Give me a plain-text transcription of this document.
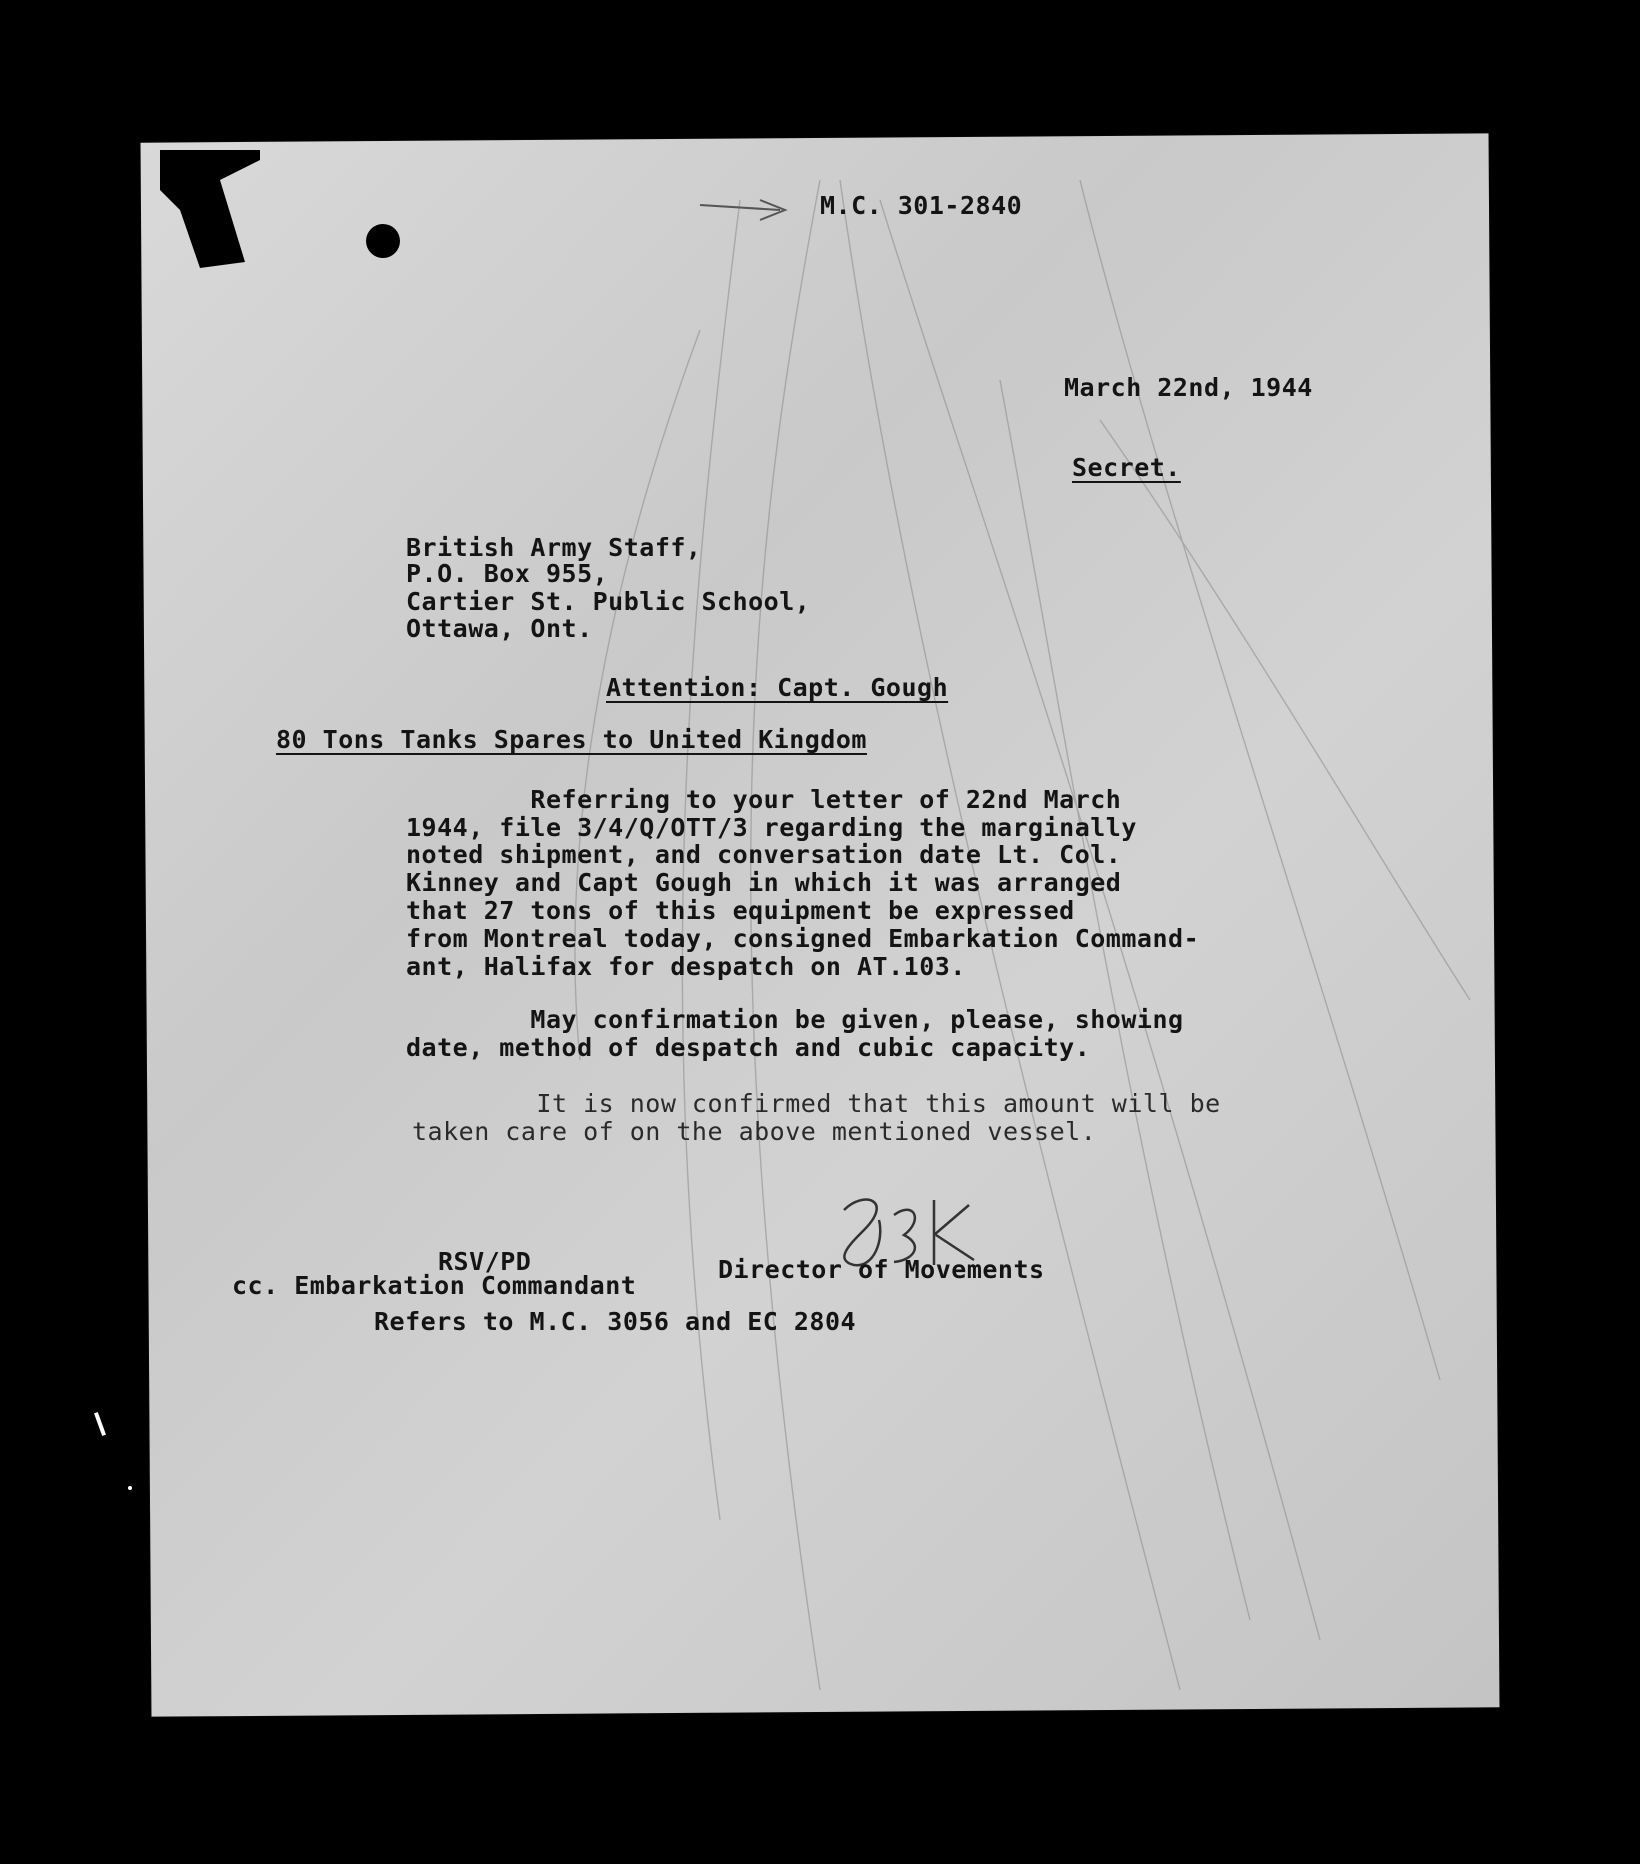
M.C. 301-2840
March 22nd, 1944
Secret.
British Army Staff,
P.O. Box 955,
Cartier St. Public School,
Ottawa, Ont.
Attention: Capt. Gough
80 Tons Tanks Spares to United Kingdom
Referring to your letter of 22nd March
1944, file 3/4/Q/OTT/3 regarding the marginally
noted shipment, and conversation date Lt. Col.
Kinney and Capt Gough in which it was arranged
that 27 tons of this equipment be expressed
from Montreal today, consigned Embarkation Command-
ant, Halifax for despatch on AT.103.
May confirmation be given, please, showing
date, method of despatch and cubic capacity.
It is now confirmed that this amount will be
taken care of on the above mentioned vessel.
RSV/PD	Director of Movements
cc. Embarkation Commandant
Refers to M.C. 3056 and EC 2804
